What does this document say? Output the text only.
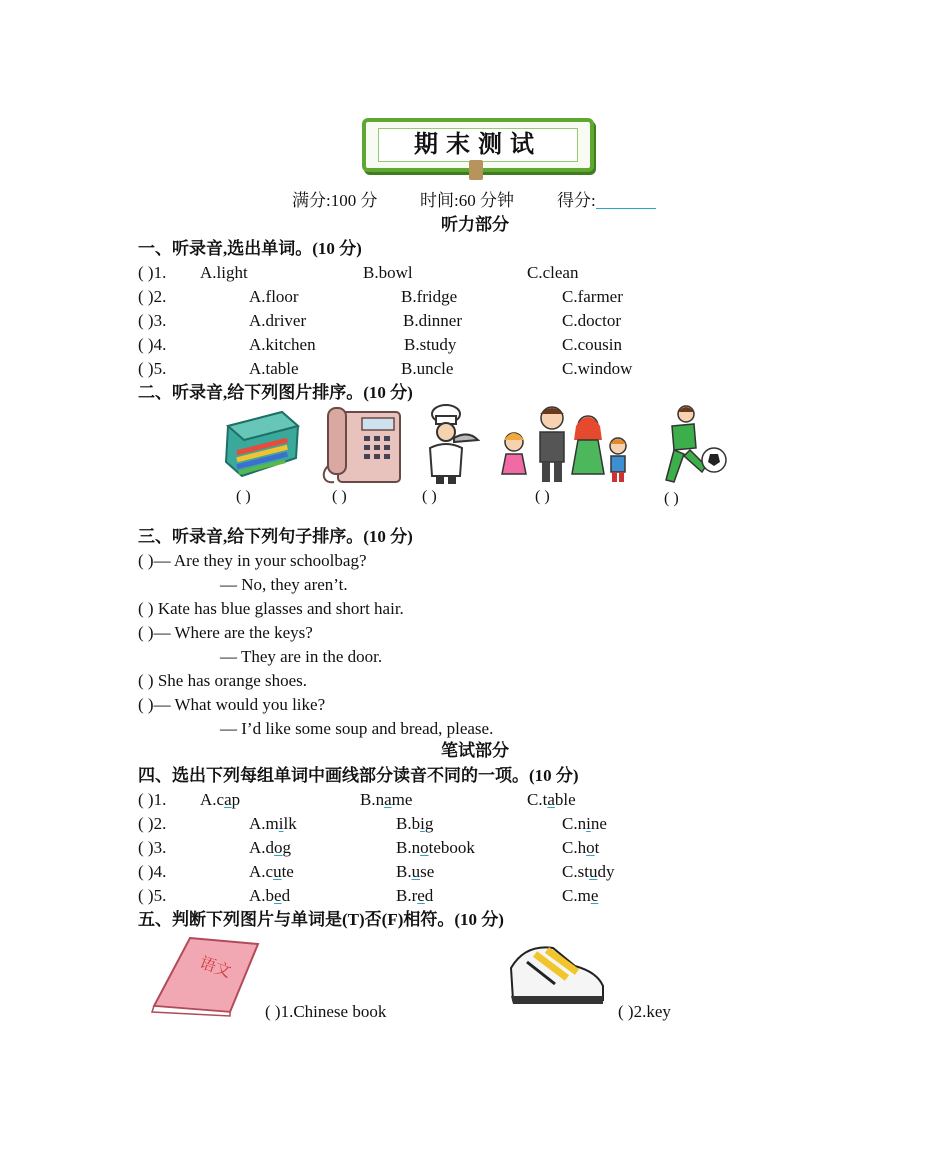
期末测试
满分:100 分	时间:60 分钟	得分:
听力部分
一、听录音,选出单词。(10 分)
( )1. A.light	B.bowl	C.clean
( )2.	A.floor	B.fridge	C.farmer
( )3.	A.driver	B.dinner	C.doctor
( )4.	A.kitchen	B.study	C.cousin
( )5.	A.table	B.uncle	C.window
二、听录音,给下列图片排序。(10 分)
( )	( )	( )	( )	( )
三、听录音,给下列句子排序。(10 分)
( )— Are they in your schoolbag?
— No, they aren’t.
( ) Kate has blue glasses and short hair.
( )— Where are the keys?
— They are in the door.
( ) She has orange shoes.
( )— What would you like?
— I’d like some soup and bread, please.
笔试部分
四、选出下列每组单词中画线部分读音不同的一项。(10 分)
( )1. A.cap	B.name	C.table
( )2.	A.milk	B.big	C.nine
( )3.	A.dog	B.notebook	C.hot
( )4.	A.cute	B.use	C.study
( )5.	A.bed	B.red	C.me
五、判断下列图片与单词是(T)否(F)相符。(10 分)
语文
( )1.Chinese book	( )2.key
